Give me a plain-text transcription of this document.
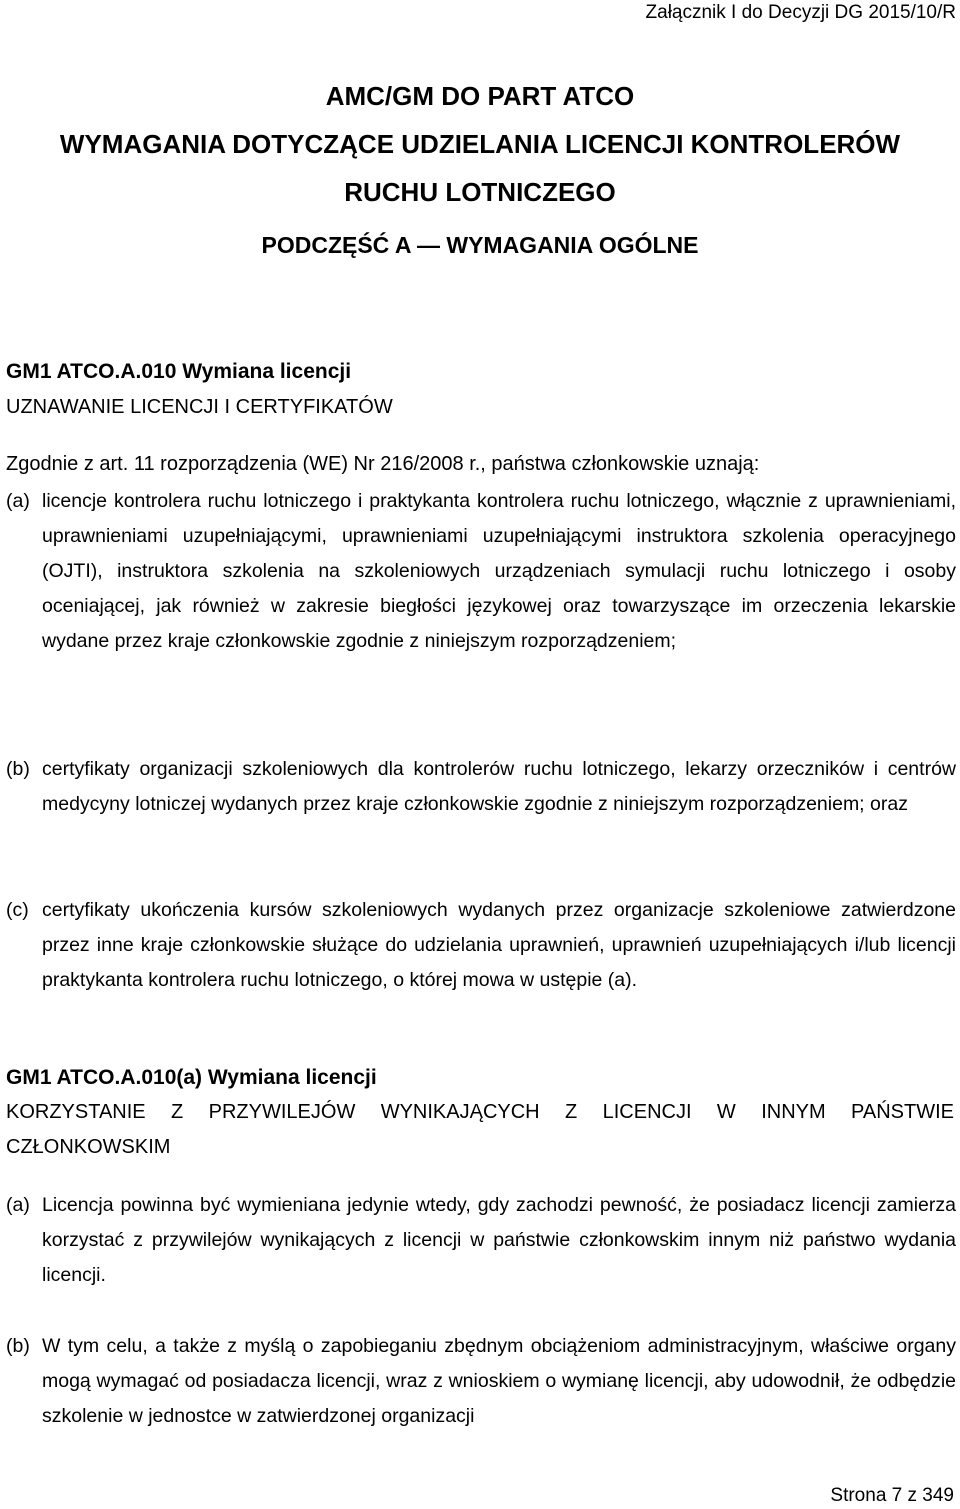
Załącznik I do Decyzji DG 2015/10/R
AMC/GM DO PART ATCO
WYMAGANIA DOTYCZĄCE UDZIELANIA LICENCJI KONTROLERÓW
RUCHU LOTNICZEGO
PODCZĘŚĆ A — WYMAGANIA OGÓLNE
GM1 ATCO.A.010 Wymiana licencji
UZNAWANIE LICENCJI I CERTYFIKATÓW
Zgodnie z art. 11 rozporządzenia (WE) Nr 216/2008 r., państwa członkowskie uznają:
(a) licencje kontrolera ruchu lotniczego i praktykanta kontrolera ruchu lotniczego, włącznie z uprawnieniami, uprawnieniami uzupełniającymi, uprawnieniami uzupełniającymi instruktora szkolenia operacyjnego (OJTI), instruktora szkolenia na szkoleniowych urządzeniach symulacji ruchu lotniczego i osoby oceniającej, jak również w zakresie biegłości językowej oraz towarzyszące im orzeczenia lekarskie wydane przez kraje członkowskie zgodnie z niniejszym rozporządzeniem;
(b) certyfikaty organizacji szkoleniowych dla kontrolerów ruchu lotniczego, lekarzy orzeczników i centrów medycyny lotniczej wydanych przez kraje członkowskie zgodnie z niniejszym rozporządzeniem; oraz
(c) certyfikaty ukończenia kursów szkoleniowych wydanych przez organizacje szkoleniowe zatwierdzone przez inne kraje członkowskie służące do udzielania uprawnień, uprawnień uzupełniających i/lub licencji praktykanta kontrolera ruchu lotniczego, o której mowa w ustępie (a).
GM1 ATCO.A.010(a) Wymiana licencji
KORZYSTANIE Z PRZYWILEJÓW WYNIKAJĄCYCH Z LICENCJI W INNYM PAŃSTWIE CZŁONKOWSKIM
(a) Licencja powinna być wymieniana jedynie wtedy, gdy zachodzi pewność, że posiadacz licencji zamierza korzystać z przywilejów wynikających z licencji w państwie członkowskim innym niż państwo wydania licencji.
(b) W tym celu, a także z myślą o zapobieganiu zbędnym obciążeniom administracyjnym, właściwe organy mogą wymagać od posiadacza licencji, wraz z wnioskiem o wymianę licencji, aby udowodnił, że odbędzie szkolenie w jednostce w zatwierdzonej organizacji
Strona 7 z 349
